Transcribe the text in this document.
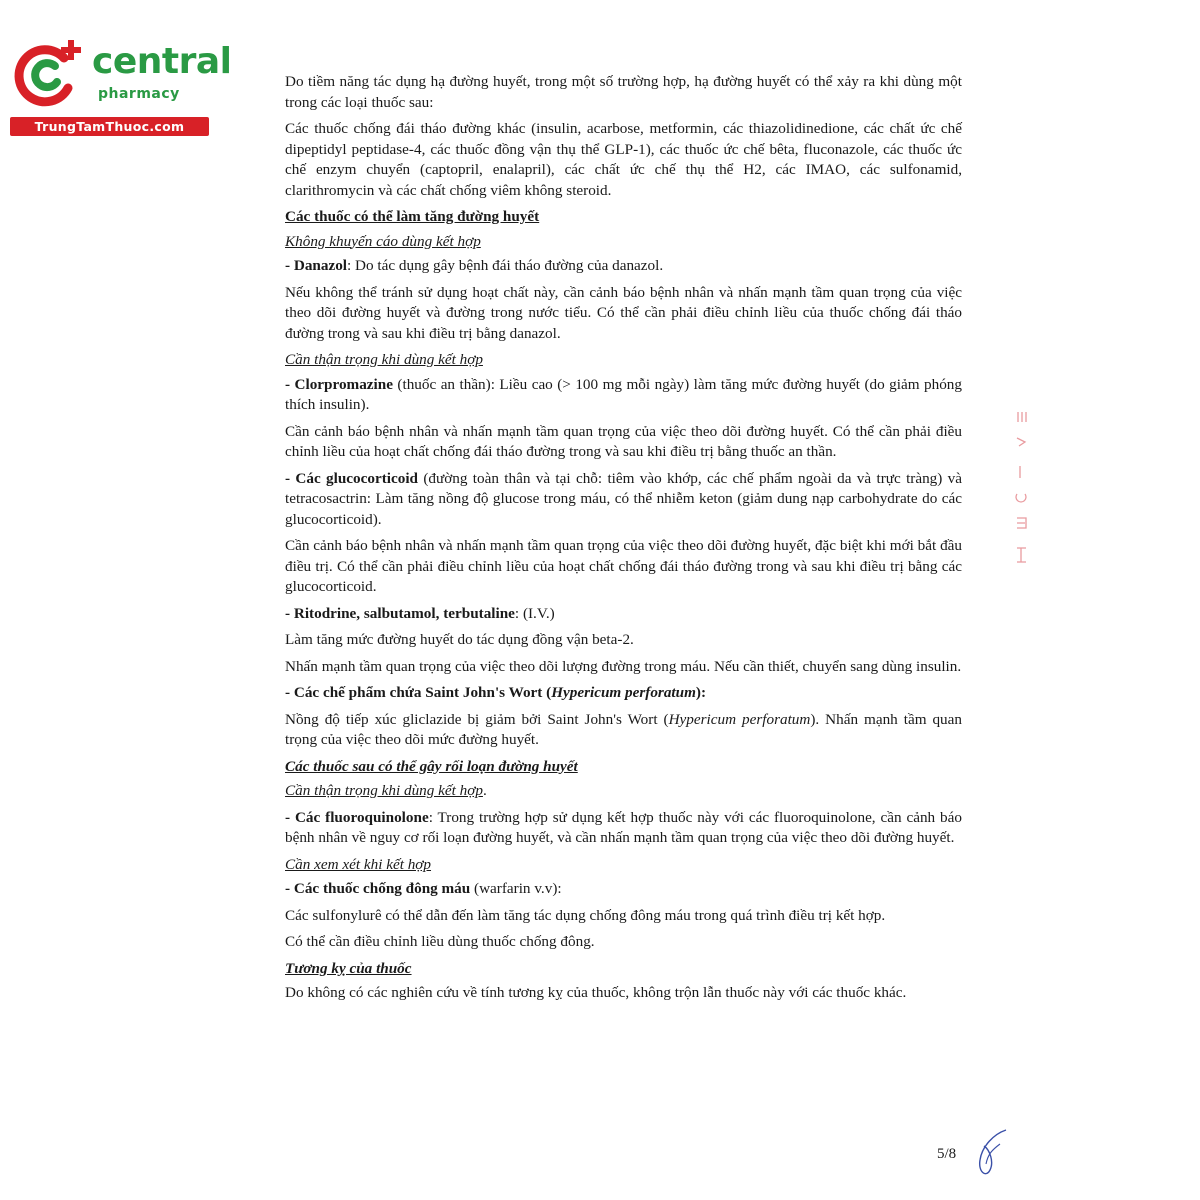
central
pharmacy
TrungTamThuoc.com

Do tiềm năng tác dụng hạ đường huyết, trong một số trường hợp, hạ đường huyết có thể xảy ra khi dùng một trong các loại thuốc sau:

Các thuốc chống đái tháo đường khác (insulin, acarbose, metformin, các thiazolidinedione, các chất ức chế dipeptidyl peptidase-4, các thuốc đồng vận thụ thể GLP-1), các thuốc ức chế bêta, fluconazole, các thuốc ức chế enzym chuyển (captopril, enalapril), các chất ức chế thụ thể H2, các IMAO, các sulfonamid, clarithromycin và các chất chống viêm không steroid.

Các thuốc có thể làm tăng đường huyết

Không khuyến cáo dùng kết hợp

- Danazol: Do tác dụng gây bệnh đái tháo đường của danazol.

Nếu không thể tránh sử dụng hoạt chất này, cần cảnh báo bệnh nhân và nhấn mạnh tầm quan trọng của việc theo dõi đường huyết và đường trong nước tiểu. Có thể cần phải điều chỉnh liều của thuốc chống đái tháo đường trong và sau khi điều trị bằng danazol.

Cần thận trọng khi dùng kết hợp

- Clorpromazine (thuốc an thần): Liều cao (> 100 mg mỗi ngày) làm tăng mức đường huyết (do giảm phóng thích insulin).

Cần cảnh báo bệnh nhân và nhấn mạnh tầm quan trọng của việc theo dõi đường huyết. Có thể cần phải điều chỉnh liều của hoạt chất chống đái tháo đường trong và sau khi điều trị bằng thuốc an thần.

- Các glucocorticoid (đường toàn thân và tại chỗ: tiêm vào khớp, các chế phẩm ngoài da và trực tràng) và tetracosactrin: Làm tăng nồng độ glucose trong máu, có thể nhiễm keton (giảm dung nạp carbohydrate do các glucocorticoid).

Cần cảnh báo bệnh nhân và nhấn mạnh tầm quan trọng của việc theo dõi đường huyết, đặc biệt khi mới bắt đầu điều trị. Có thể cần phải điều chỉnh liều của hoạt chất chống đái tháo đường trong và sau khi điều trị bằng các glucocorticoid.

- Ritodrine, salbutamol, terbutaline: (I.V.)

Làm tăng mức đường huyết do tác dụng đồng vận beta-2.

Nhấn mạnh tầm quan trọng của việc theo dõi lượng đường trong máu. Nếu cần thiết, chuyển sang dùng insulin.

- Các chế phẩm chứa Saint John's Wort (Hypericum perforatum):

Nồng độ tiếp xúc gliclazide bị giảm bởi Saint John's Wort (Hypericum perforatum). Nhấn mạnh tầm quan trọng của việc theo dõi mức đường huyết.

Các thuốc sau có thể gây rối loạn đường huyết

Cần thận trọng khi dùng kết hợp.

- Các fluoroquinolone: Trong trường hợp sử dụng kết hợp thuốc này với các fluoroquinolone, cần cảnh báo bệnh nhân về nguy cơ rối loạn đường huyết, và cần nhấn mạnh tầm quan trọng của việc theo dõi đường huyết.

Cần xem xét khi kết hợp

- Các thuốc chống đông máu (warfarin v.v):

Các sulfonylurê có thể dẫn đến làm tăng tác dụng chống đông máu trong quá trình điều trị kết hợp.

Có thể cần điều chỉnh liều dùng thuốc chống đông.

Tương kỵ của thuốc

Do không có các nghiên cứu về tính tương kỵ của thuốc, không trộn lẫn thuốc này với các thuốc khác.

5/8
